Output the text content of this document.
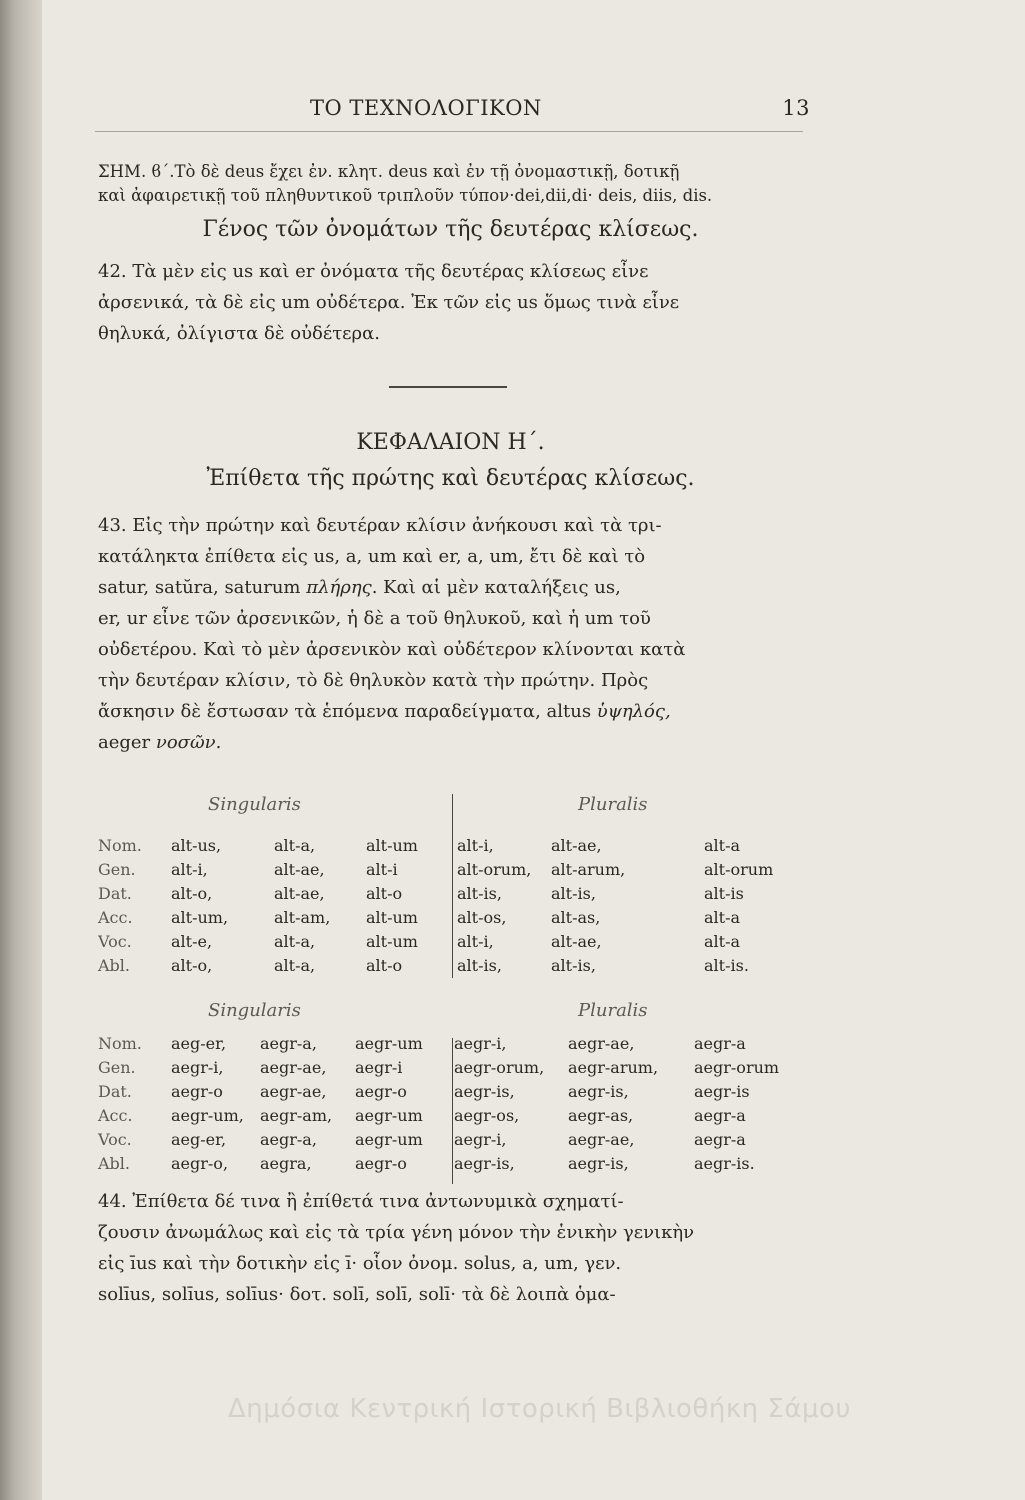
ΤΟ ΤΕΧΝΟΛΟΓΙΚΟΝ	13

ΣΗΜ. ϐ΄.Τὸ δὲ deus ἔχει ἐν. κλητ. deus καὶ ἐν τῇ ὀνομαστικῇ, δοτικῇ
καὶ ἀφαιρετικῇ τοῦ πληθυντικοῦ τριπλοῦν τύπον·dei,dii,di· deis, diis, dis.

Γένος τῶν ὀνομάτων τῆς δευτέρας κλίσεως.

42. Τὰ μὲν εἰς us καὶ er ὀνόματα τῆς δευτέρας κλίσεως εἶνε
ἀρσενικά, τὰ δὲ εἰς um οὐδέτερα. Ἐκ τῶν εἰς us ὅμως τινὰ εἶνε
θηλυκά, ὀλίγιστα δὲ οὐδέτερα.

ΚΕΦΑΛΑΙΟΝ Η΄.
Ἐπίθετα τῆς πρώτης καὶ δευτέρας κλίσεως.

43. Εἰς τὴν πρώτην καὶ δευτέραν κλίσιν ἀνήκουσι καὶ τὰ τρι-
κατάληκτα ἐπίθετα εἰς us, a, um καὶ er, a, um, ἔτι δὲ καὶ τὸ
satur, satŭra, saturum πλήρης. Καὶ αἱ μὲν καταλήξεις us,
er, ur εἶνε τῶν ἀρσενικῶν, ἡ δὲ a τοῦ θηλυκοῦ, καὶ ἡ um τοῦ
οὐδετέρου. Καὶ τὸ μὲν ἀρσενικὸν καὶ οὐδέτερον κλίνονται κατὰ
τὴν δευτέραν κλίσιν, τὸ δὲ θηλυκὸν κατὰ τὴν πρώτην. Πρὸς
ἄσκησιν δὲ ἔστωσαν τὰ ἑπόμενα παραδείγματα, altus ὑψηλός,
aeger νοσῶν.

Singularis	Pluralis
Nom. alt-us,	alt-a,	alt-um alt-i,	alt-ae,	alt-a
Gen. alt-i,	alt-ae,	alt-i	alt-orum, alt-arum,	alt-orum
Dat. alt-o,	alt-ae,	alt-o	alt-is,	alt-is,	alt-is
Acc. alt-um,	alt-am, alt-um alt-os,	alt-as,	alt-a
Voc. alt-e,	alt-a,	alt-um alt-i,	alt-ae,	alt-a
Abl.	alt-o,	alt-a,	alt-o	alt-is,	alt-is,	alt-is.
Singularis	Pluralis
Nom. aeg-er, aegr-a, aegr-um aegr-i,	aegr-ae,	aegr-a
Gen. aegr-i, aegr-ae, aegr-i	aegr-orum, aegr-arum, aegr-orum
Dat. aegr-o aegr-ae, aegr-o	aegr-is,	aegr-is,	aegr-is
Acc. aegr-um, aegr-am, aegr-um aegr-os,	aegr-as,	aegr-a
Voc. aeg-er, aegr-a, aegr-um aegr-i,	aegr-ae,	aegr-a
Abl.	aegr-o, aegra,	aegr-o	aegr-is,	aegr-is,	aegr-is.

44. Ἐπίθετα δέ τινα ἢ ἐπίθετά τινα ἀντωνυμικὰ σχηματί-
ζουσιν ἀνωμάλως καὶ εἰς τὰ τρία γένη μόνον τὴν ἑνικὴν γενικὴν
εἰς īus καὶ τὴν δοτικὴν εἰς ī· οἷον ὀνομ. solus, a, um, γεν.
solīus, solīus, solīus· δοτ. solī, solī, solī· τὰ δὲ λοιπὰ ὁμα-

Δημόσια Κεντρική Ιστορική Βιβλιοθήκη Σάμου
